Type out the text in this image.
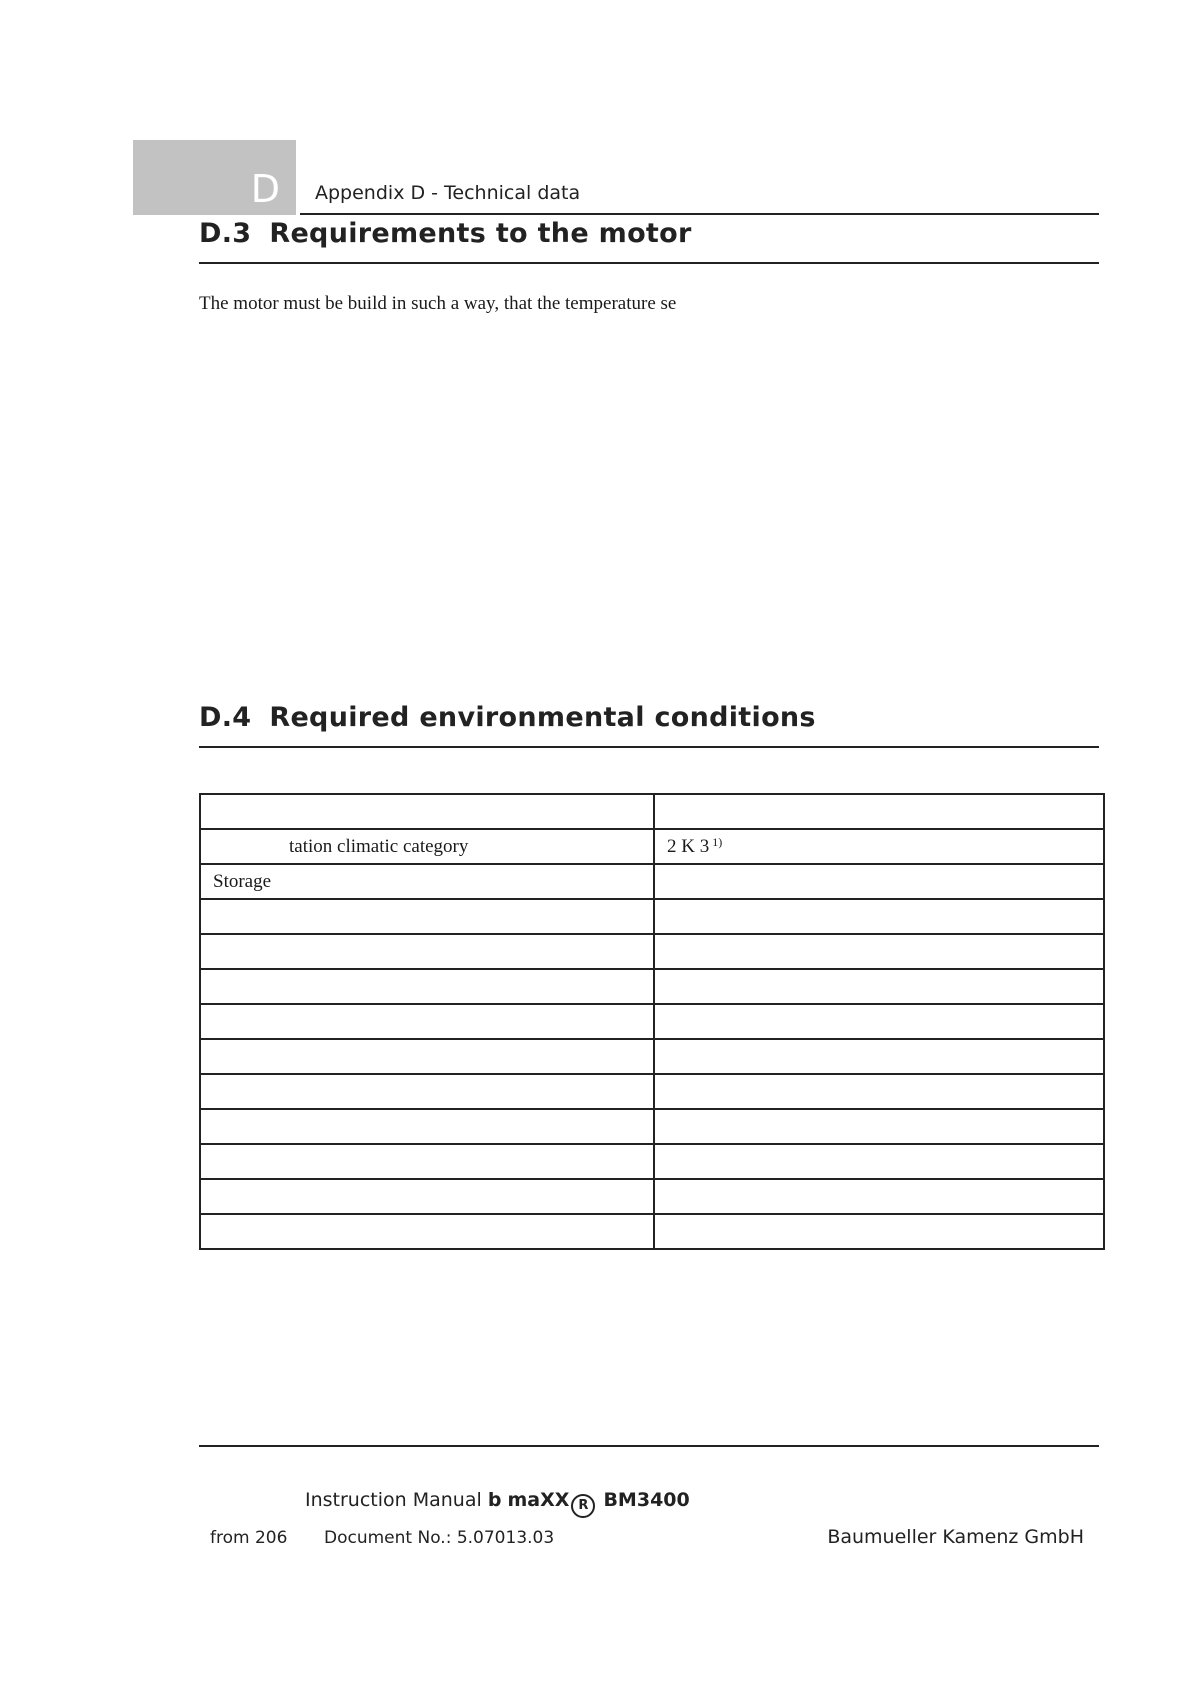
D Appendix D - Technical data
D.3 Requirements to the motor
The motor must be build in such a way, that the temperature se
D.4 Required environmental conditions

tation climatic category	2 K 3 $^{1)}$
Storage	

Instruction Manual b maXX R BM3400
from 206 Document No.: 5.07013.03	Baumueller Kamenz GmbH
